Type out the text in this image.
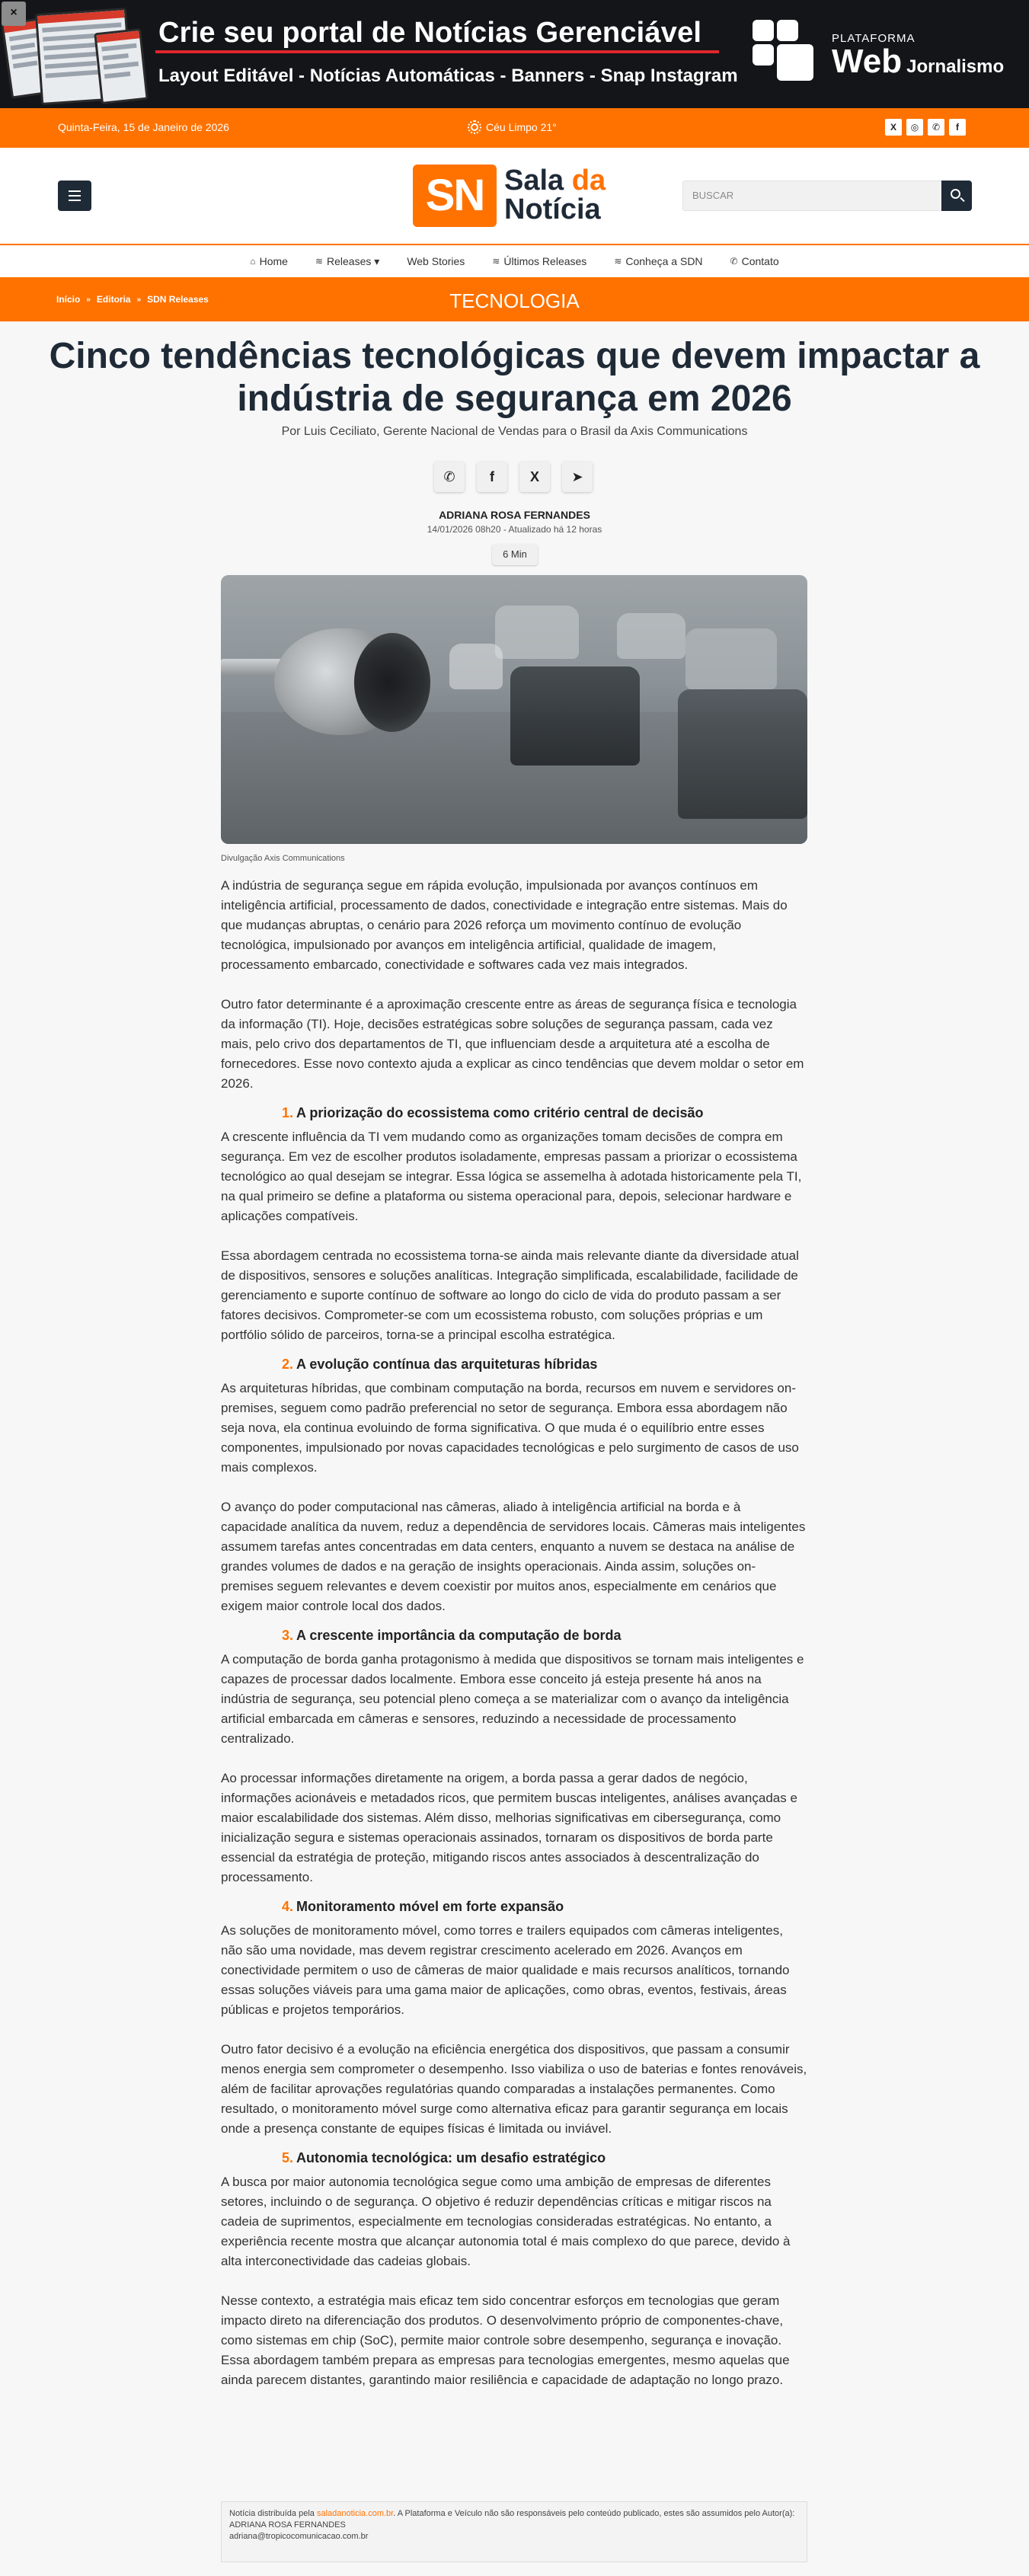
×
Crie seu portal de Notícias Gerenciável
Layout Editável - Notícias Automáticas - Banners - Snap Instagram
PLATAFORMA
Web Jornalismo
Quinta-Feira, 15 de Janeiro de 2026	Céu Limpo 21°	X	◎	✆	f
SN Sala da
Notícia	BUSCAR
⌂ Home	≋ Releases ▾	Web Stories	≋ Últimos Releases	≋ Conheça a SDN	✆ Contato
TECNOLOGIA
Início » Editoria » SDN Releases
Cinco tendências tecnológicas que devem impactar a indústria de segurança em 2026
Por Luis Ceciliato, Gerente Nacional de Vendas para o Brasil da Axis Communications
✆	f	X	➤
ADRIANA ROSA FERNANDES
14/01/2026 08h20 - Atualizado há 12 horas
6 Min
Divulgação Axis Communications

A indústria de segurança segue em rápida evolução, impulsionada por avanços contínuos em inteligência artificial, processamento de dados, conectividade e integração entre sistemas. Mais do que mudanças abruptas, o cenário para 2026 reforça um movimento contínuo de evolução tecnológica, impulsionado por avanços em inteligência artificial, qualidade de imagem, processamento embarcado, conectividade e softwares cada vez mais integrados.

Outro fator determinante é a aproximação crescente entre as áreas de segurança física e tecnologia da informação (TI). Hoje, decisões estratégicas sobre soluções de segurança passam, cada vez mais, pelo crivo dos departamentos de TI, que influenciam desde a arquitetura até a escolha de fornecedores. Esse novo contexto ajuda a explicar as cinco tendências que devem moldar o setor em 2026.

1. A priorização do ecossistema como critério central de decisão

A crescente influência da TI vem mudando como as organizações tomam decisões de compra em segurança. Em vez de escolher produtos isoladamente, empresas passam a priorizar o ecossistema tecnológico ao qual desejam se integrar. Essa lógica se assemelha à adotada historicamente pela TI, na qual primeiro se define a plataforma ou sistema operacional para, depois, selecionar hardware e aplicações compatíveis.

Essa abordagem centrada no ecossistema torna-se ainda mais relevante diante da diversidade atual de dispositivos, sensores e soluções analíticas. Integração simplificada, escalabilidade, facilidade de gerenciamento e suporte contínuo de software ao longo do ciclo de vida do produto passam a ser fatores decisivos. Comprometer-se com um ecossistema robusto, com soluções próprias e um portfólio sólido de parceiros, torna-se a principal escolha estratégica.

2. A evolução contínua das arquiteturas híbridas

As arquiteturas híbridas, que combinam computação na borda, recursos em nuvem e servidores on-premises, seguem como padrão preferencial no setor de segurança. Embora essa abordagem não seja nova, ela continua evoluindo de forma significativa. O que muda é o equilíbrio entre esses componentes, impulsionado por novas capacidades tecnológicas e pelo surgimento de casos de uso mais complexos.

O avanço do poder computacional nas câmeras, aliado à inteligência artificial na borda e à capacidade analítica da nuvem, reduz a dependência de servidores locais. Câmeras mais inteligentes assumem tarefas antes concentradas em data centers, enquanto a nuvem se destaca na análise de grandes volumes de dados e na geração de insights operacionais. Ainda assim, soluções on-premises seguem relevantes e devem coexistir por muitos anos, especialmente em cenários que exigem maior controle local dos dados.

3. A crescente importância da computação de borda

A computação de borda ganha protagonismo à medida que dispositivos se tornam mais inteligentes e capazes de processar dados localmente. Embora esse conceito já esteja presente há anos na indústria de segurança, seu potencial pleno começa a se materializar com o avanço da inteligência artificial embarcada em câmeras e sensores, reduzindo a necessidade de processamento centralizado.

Ao processar informações diretamente na origem, a borda passa a gerar dados de negócio, informações acionáveis e metadados ricos, que permitem buscas inteligentes, análises avançadas e maior escalabilidade dos sistemas. Além disso, melhorias significativas em cibersegurança, como inicialização segura e sistemas operacionais assinados, tornaram os dispositivos de borda parte essencial da estratégia de proteção, mitigando riscos antes associados à descentralização do processamento.

4. Monitoramento móvel em forte expansão

As soluções de monitoramento móvel, como torres e trailers equipados com câmeras inteligentes, não são uma novidade, mas devem registrar crescimento acelerado em 2026. Avanços em conectividade permitem o uso de câmeras de maior qualidade e mais recursos analíticos, tornando essas soluções viáveis para uma gama maior de aplicações, como obras, eventos, festivais, áreas públicas e projetos temporários.

Outro fator decisivo é a evolução na eficiência energética dos dispositivos, que passam a consumir menos energia sem comprometer o desempenho. Isso viabiliza o uso de baterias e fontes renováveis, além de facilitar aprovações regulatórias quando comparadas a instalações permanentes. Como resultado, o monitoramento móvel surge como alternativa eficaz para garantir segurança em locais onde a presença constante de equipes físicas é limitada ou inviável.

5. Autonomia tecnológica: um desafio estratégico

A busca por maior autonomia tecnológica segue como uma ambição de empresas de diferentes setores, incluindo o de segurança. O objetivo é reduzir dependências críticas e mitigar riscos na cadeia de suprimentos, especialmente em tecnologias consideradas estratégicas. No entanto, a experiência recente mostra que alcançar autonomia total é mais complexo do que parece, devido à alta interconectividade das cadeias globais.

Nesse contexto, a estratégia mais eficaz tem sido concentrar esforços em tecnologias que geram impacto direto na diferenciação dos produtos. O desenvolvimento próprio de componentes-chave, como sistemas em chip (SoC), permite maior controle sobre desempenho, segurança e inovação. Essa abordagem também prepara as empresas para tecnologias emergentes, mesmo aquelas que ainda parecem distantes, garantindo maior resiliência e capacidade de adaptação no longo prazo.

Notícia distribuída pela saladanoticia.com.br. A Plataforma e Veículo não são responsáveis pelo conteúdo publicado, estes são assumidos pelo Autor(a):
ADRIANA ROSA FERNANDES
adriana@tropicocomunicacao.com.br
